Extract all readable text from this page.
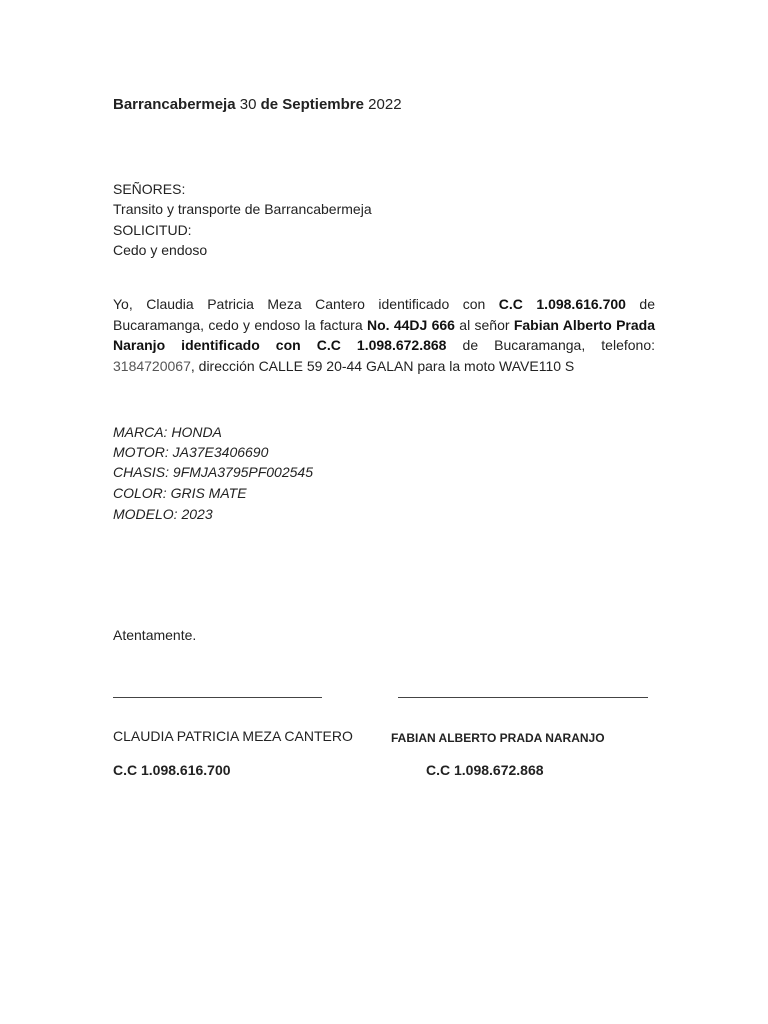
Barrancabermeja 30 de Septiembre 2022
SEÑORES:
Transito y transporte de Barrancabermeja
SOLICITUD:
Cedo y endoso
Yo, Claudia Patricia Meza Cantero identificado con C.C 1.098.616.700 de Bucaramanga, cedo y endoso la factura No. 44DJ 666 al señor Fabian Alberto Prada Naranjo identificado con C.C 1.098.672.868 de Bucaramanga, telefono: 3184720067, dirección CALLE 59 20-44 GALAN para la moto WAVE110 S
MARCA: HONDA
MOTOR: JA37E3406690
CHASIS: 9FMJA3795PF002545
COLOR: GRIS MATE
MODELO: 2023
Atentamente.
CLAUDIA PATRICIA MEZA CANTERO	FABIAN ALBERTO PRADA NARANJO
C.C 1.098.616.700	C.C 1.098.672.868
